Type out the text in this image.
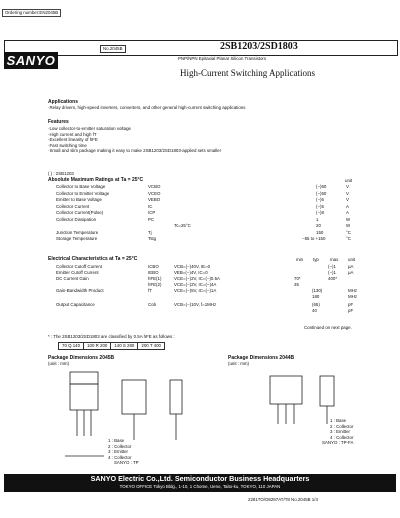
Ordering number:EN2045B
SANYO
No.2045B	2SB1203/2SD1803
PNP/NPN Epitaxial Planar Silicon Transistors
High-Current Switching Applications
Applications
·Relay drivers, high-speed inverters, converters, and other general high-current switching applications
Features
·Low collector-to-emitter saturation voltage
·High current and high fT
·Excellent linearity of hFE
·Fast switching time
·Small and slim package making it easy to make 2SB1203/2SD1803-applied sets smaller
( ) : 2SB1203
Absolute Maximum Ratings at Ta = 25°C	unit
Collector to Base Voltage	VCBO	(−)60	V
Collector to Emitter Voltage	VCEO	(−)50	V
Emitter to Base Voltage	VEBO	(−)6	V
Collector Current	IC	(−)5	A
Collector Current(Pulse)	ICP	(−)8	A
Collector Dissipation	PC	1	W
Tc=25°C	20	W
Junction Temperature	Tj	150	°C
Storage Temperature	Tstg	−55 to +150	°C
Electrical Characteristics at Ta = 25°C	min typ	max unit
Collector Cutoff Current	ICBO	VCB=(−)40V, IE=0	(−)1	μA
Emitter Cutoff Current	IEBO	VEB=(−)4V, IC=0	(−)1	μA
DC Current Gain	hFE(1)	VCE=(−)2V, IC=(−)0.5A	70*	400*
hFE(2)	VCE=(−)2V, IC=(−)4A	35
Gain-Bandwidth Product	fT	VCE=(−)5V, IC=(−)1A	(130)	MHz
180	MHz
Output Capacitance	Cob	VCB=(−)10V, f=1MHz	(65)	pF
40	pF
Continued on next page.
* : The 2SB1203/2SD1803 are classified by 0.5A hFE as follows :
70 Q 140 100 R 200 140 S 280 200 T 400
Package Dimensions 2045B
(unit : mm)
1 : Base
2 : Collector
3 : Emitter
4 : Collector
SANYO : TP
Package Dimensions 2044B
(unit : mm)
1 : Base
2 : Collector
3 : Emitter
4 : Collector
SANYO : TP-FA
SANYO Electric Co.,Ltd. Semiconductor Business Headquarters
TOKYO OFFICE Tokyo Bldg., 1-10, 1 Chome, Ueno, Taito-ku, TOKYO, 110 JAPAN
2281TO/O8297AT/T8 No.2045B 1/4
